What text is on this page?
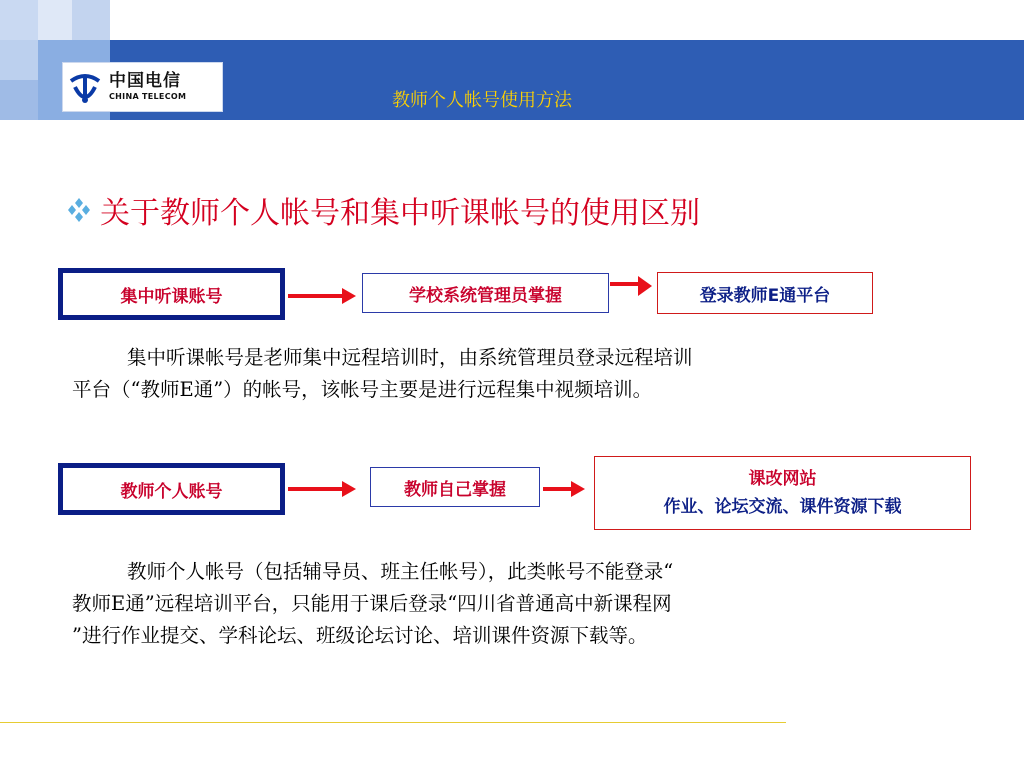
中国电信
CHINA TELECOM	教师个人帐号使用方法
关于教师个人帐号和集中听课帐号的使用区别
集中听课账号	学校系统管理员掌握	登录教师E通平台
集中听课帐号是老师集中远程培训时，由系统管理员登录远程培训
平台（“教师E通”）的帐号，该帐号主要是进行远程集中视频培训。
教师个人账号	教师自己掌握
课改网站
作业、论坛交流、课件资源下载
教师个人帐号（包括辅导员、班主任帐号），此类帐号不能登录“
教师E通”远程培训平台，只能用于课后登录“四川省普通高中新课程网
”进行作业提交、学科论坛、班级论坛讨论、培训课件资源下载等。
